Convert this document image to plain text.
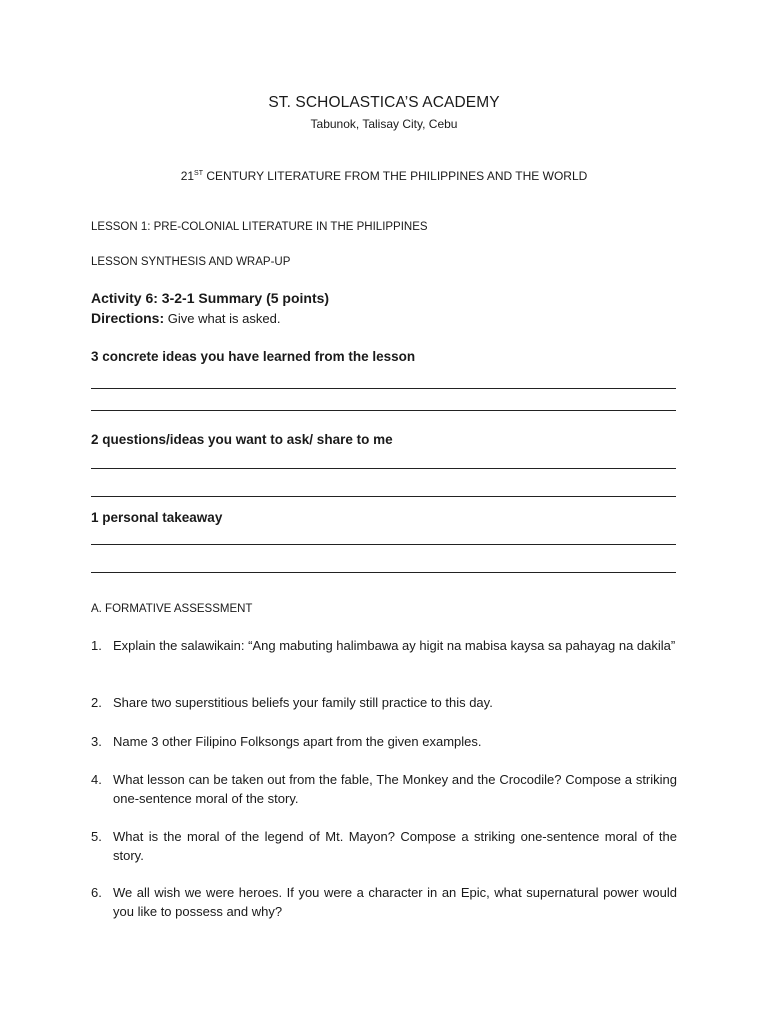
ST. SCHOLASTICA’S ACADEMY
Tabunok, Talisay City, Cebu
21ST CENTURY LITERATURE FROM THE PHILIPPINES AND THE WORLD
LESSON 1: PRE-COLONIAL LITERATURE IN THE PHILIPPINES
LESSON SYNTHESIS AND WRAP-UP
Activity 6: 3-2-1 Summary (5 points)
Directions: Give what is asked.
3 concrete ideas you have learned from the lesson
2 questions/ideas you want to ask/ share to me
1 personal takeaway
A. FORMATIVE ASSESSMENT
1. Explain the salawikain: “Ang mabuting halimbawa ay higit na mabisa kaysa sa pahayag na dakila”
2. Share two superstitious beliefs your family still practice to this day.
3. Name 3 other Filipino Folksongs apart from the given examples.
4. What lesson can be taken out from the fable, The Monkey and the Crocodile? Compose a striking one-sentence moral of the story.
5. What is the moral of the legend of Mt. Mayon? Compose a striking one-sentence moral of the story.
6. We all wish we were heroes. If you were a character in an Epic, what supernatural power would you like to possess and why?
